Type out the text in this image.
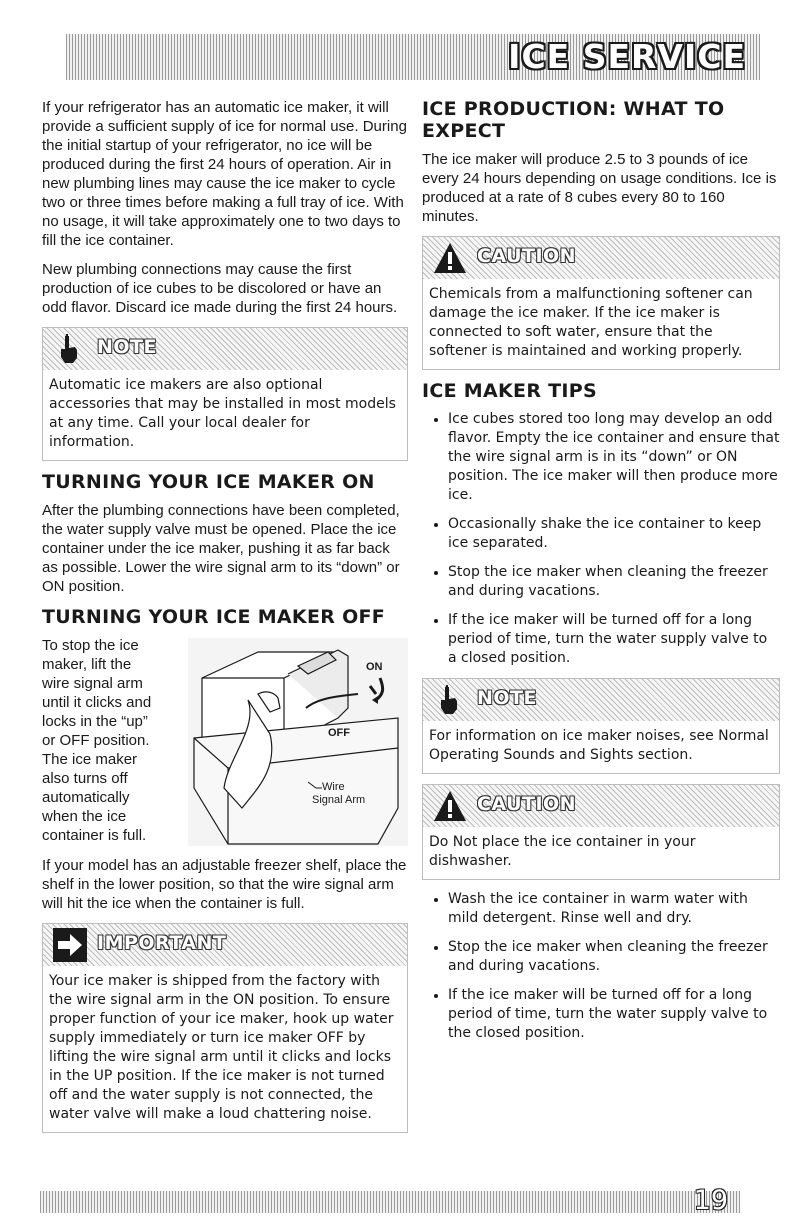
ICE SERVICE

If your refrigerator has an automatic ice maker, it will provide a sufficient supply of ice for normal use. During the initial startup of your refrigerator, no ice will be produced during the first 24 hours of operation. Air in new plumbing lines may cause the ice maker to cycle two or three times before making a full tray of ice. With no usage, it will take approximately one to two days to fill the ice container.

New plumbing connections may cause the first production of ice cubes to be discolored or have an odd flavor. Discard ice made during the first 24 hours.

NOTE
Automatic ice makers are also optional accessories that may be installed in most models at any time. Call your local dealer for information.
TURNING YOUR ICE MAKER ON

After the plumbing connections have been completed, the water supply valve must be opened. Place the ice container under the ice maker, pushing it as far back as possible. Lower the wire signal arm to its “down” or ON position.

TURNING YOUR ICE MAKER OFF
To stop the ice maker, lift the wire signal arm until it clicks and locks in the “up” or OFF position. The ice maker also turns off automatically when the ice container is full.
ON
OFF
Wire
Signal Arm

If your model has an adjustable freezer shelf, place the shelf in the lower position, so that the wire signal arm will hit the ice when the container is full.

IMPORTANT
Your ice maker is shipped from the factory with the wire signal arm in the ON position. To ensure proper function of your ice maker, hook up water supply immediately or turn ice maker OFF by lifting the wire signal arm until it clicks and locks in the UP position. If the ice maker is not turned off and the water supply is not connected, the water valve will make a loud chattering noise.
ICE PRODUCTION: WHAT TO EXPECT

The ice maker will produce 2.5 to 3 pounds of ice every 24 hours depending on usage conditions. Ice is produced at a rate of 8 cubes every 80 to 160 minutes.

CAUTION
Chemicals from a malfunctioning softener can damage the ice maker. If the ice maker is connected to soft water, ensure that the softener is maintained and working properly.
ICE MAKER TIPS
• Ice cubes stored too long may develop an odd flavor. Empty the ice container and ensure that the wire signal arm is in its “down” or ON position. The ice maker will then produce more ice.
• Occasionally shake the ice container to keep ice separated.
• Stop the ice maker when cleaning the freezer and during vacations.
• If the ice maker will be turned off for a long period of time, turn the water supply valve to a closed position.
NOTE
For information on ice maker noises, see Normal Operating Sounds and Sights section.
CAUTION
Do Not place the ice container in your dishwasher.
• Wash the ice container in warm water with mild detergent. Rinse well and dry.
• Stop the ice maker when cleaning the freezer and during vacations.
• If the ice maker will be turned off for a long period of time, turn the water supply valve to the closed position.
19
